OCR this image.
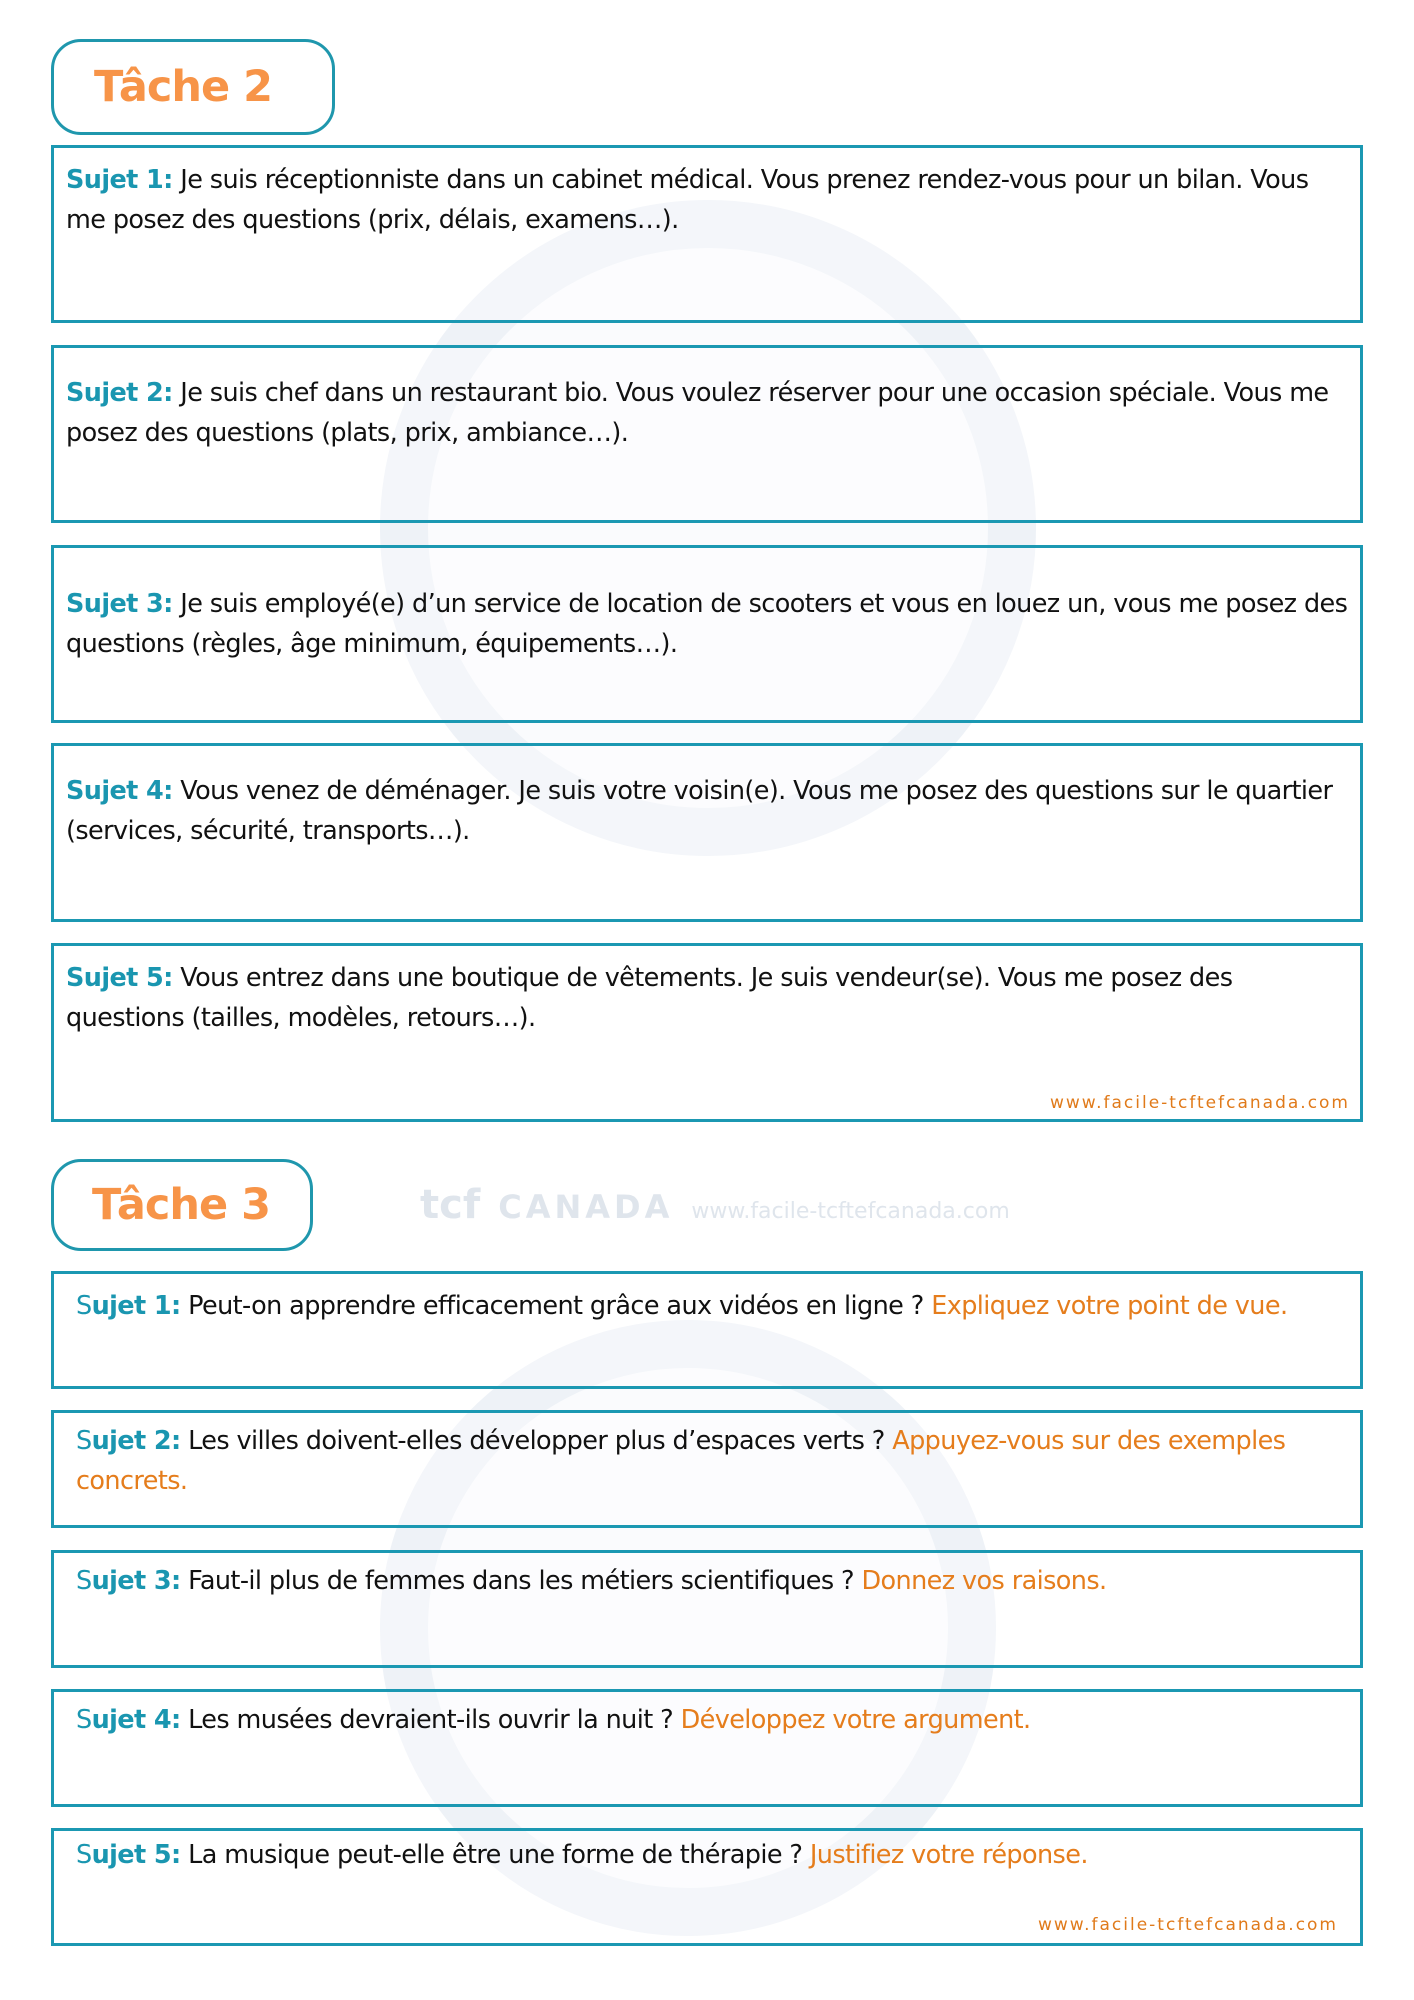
tcf CANADA www.facile-tcftefcanada.com
Tâche 2
Sujet 1: Je suis réceptionniste dans un cabinet médical. Vous prenez rendez-vous pour un bilan. Vous me posez des questions (prix, délais, examens…).
Sujet 2: Je suis chef dans un restaurant bio. Vous voulez réserver pour une occasion spéciale. Vous me posez des questions (plats, prix, ambiance…).
Sujet 3: Je suis employé(e) d’un service de location de scooters et vous en louez un, vous me posez des questions (règles, âge minimum, équipements…).
Sujet 4: Vous venez de déménager. Je suis votre voisin(e). Vous me posez des questions sur le quartier (services, sécurité, transports…).
Sujet 5: Vous entrez dans une boutique de vêtements. Je suis vendeur(se). Vous me posez des questions (tailles, modèles, retours…).
www.facile-tcftefcanada.com
Tâche 3
Sujet 1: Peut-on apprendre efficacement grâce aux vidéos en ligne ? Expliquez votre point de vue.
Sujet 2: Les villes doivent-elles développer plus d’espaces verts ? Appuyez-vous sur des exemples concrets.
Sujet 3: Faut-il plus de femmes dans les métiers scientifiques ? Donnez vos raisons.
Sujet 4: Les musées devraient-ils ouvrir la nuit ? Développez votre argument.
Sujet 5: La musique peut-elle être une forme de thérapie ? Justifiez votre réponse.
www.facile-tcftefcanada.com
